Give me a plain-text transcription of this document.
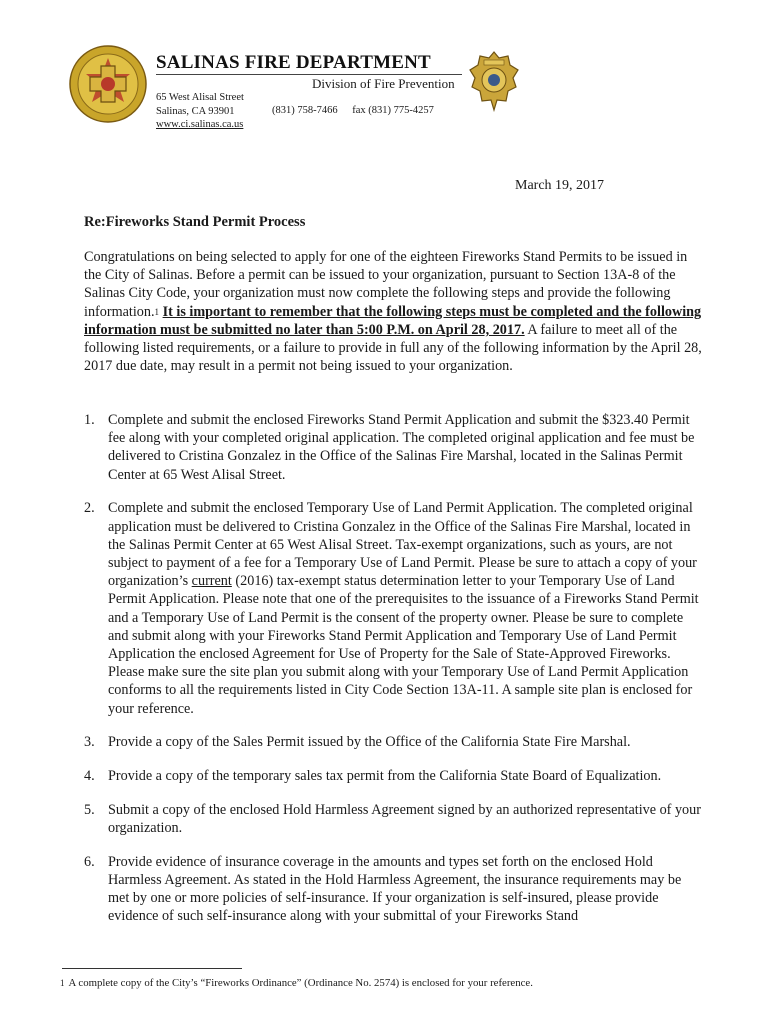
SALINAS FIRE DEPARTMENT
Division of Fire Prevention
65 West Alisal Street
Salinas, CA 93901
www.ci.salinas.ca.us
(831) 758-7466 fax (831) 775-4257
March 19, 2017
Re:Fireworks Stand Permit Process
Congratulations on being selected to apply for one of the eighteen Fireworks Stand Permits to be issued in the City of Salinas. Before a permit can be issued to your organization, pursuant to Section 13A-8 of the Salinas City Code, your organization must now complete the following steps and provide the following information.$^1$ It is important to remember that the following steps must be completed and the following information must be submitted no later than 5:00 P.M. on April 28, 2017. A failure to meet all of the following listed requirements, or a failure to provide in full any of the following information by the April 28, 2017 due date, may result in a permit not being issued to your organization.
1. Complete and submit the enclosed Fireworks Stand Permit Application and submit the $323.40 Permit fee along with your completed original application. The completed original application and fee must be delivered to Cristina Gonzalez in the Office of the Salinas Fire Marshal, located in the Salinas Permit Center at 65 West Alisal Street.
2. Complete and submit the enclosed Temporary Use of Land Permit Application. The completed original application must be delivered to Cristina Gonzalez in the Office of the Salinas Fire Marshal, located in the Salinas Permit Center at 65 West Alisal Street. Tax-exempt organizations, such as yours, are not subject to payment of a fee for a Temporary Use of Land Permit. Please be sure to attach a copy of your organization’s current (2016) tax-exempt status determination letter to your Temporary Use of Land Permit Application. Please note that one of the prerequisites to the issuance of a Fireworks Stand Permit and a Temporary Use of Land Permit is the consent of the property owner. Please be sure to complete and submit along with your Fireworks Stand Permit Application and Temporary Use of Land Permit Application the enclosed Agreement for Use of Property for the Sale of State-Approved Fireworks. Please make sure the site plan you submit along with your Temporary Use of Land Permit Application conforms to all the requirements listed in City Code Section 13A-11. A sample site plan is enclosed for your reference.
3. Provide a copy of the Sales Permit issued by the Office of the California State Fire Marshal.
4. Provide a copy of the temporary sales tax permit from the California State Board of Equalization.
5. Submit a copy of the enclosed Hold Harmless Agreement signed by an authorized representative of your organization.
6. Provide evidence of insurance coverage in the amounts and types set forth on the enclosed Hold Harmless Agreement. As stated in the Hold Harmless Agreement, the insurance requirements may be met by one or more policies of self-insurance. If your organization is self-insured, please provide evidence of such self-insurance along with your submittal of your Fireworks Stand
1 A complete copy of the City’s “Fireworks Ordinance” (Ordinance No. 2574) is enclosed for your reference.
